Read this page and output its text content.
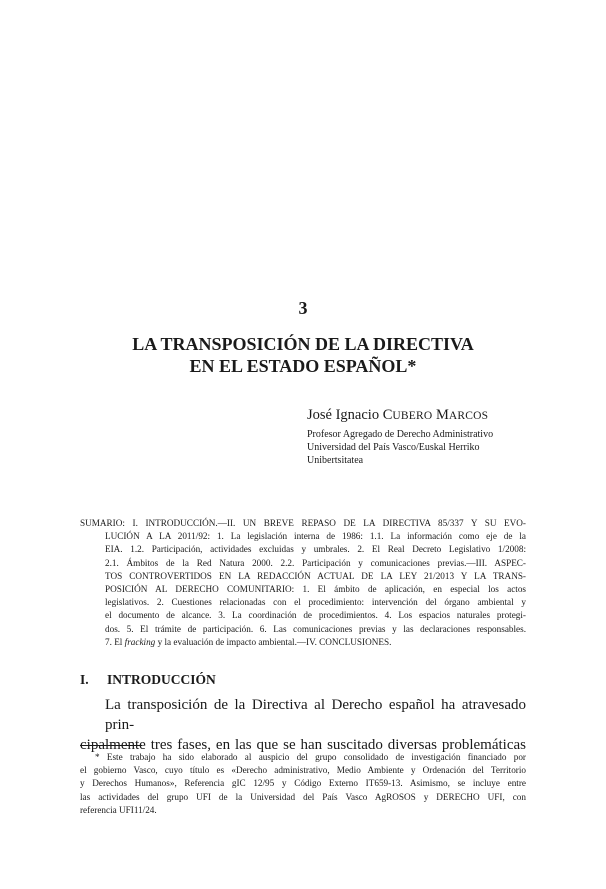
3
LA TRANSPOSICIÓN DE LA DIRECTIVA
EN EL ESTADO ESPAÑOL*
José Ignacio CUBERO MARCOS
Profesor Agregado de Derecho Administrativo
Universidad del País Vasco/Euskal Herriko
Unibertsitatea
SUMARIO: I. INTRODUCCIÓN.—II. UN BREVE REPASO DE LA DIRECTIVA 85/337 Y SU EVO-
LUCIÓN A LA 2011/92: 1. La legislación interna de 1986: 1.1. La información como eje de la
EIA. 1.2. Participación, actividades excluidas y umbrales. 2. El Real Decreto Legislativo 1/2008:
2.1. Ámbitos de la Red Natura 2000. 2.2. Participación y comunicaciones previas.—III. ASPEC-
TOS CONTROVERTIDOS EN LA REDACCIÓN ACTUAL DE LA LEY 21/2013 Y LA TRANS-
POSICIÓN AL DERECHO COMUNITARIO: 1. El ámbito de aplicación, en especial los actos
legislativos. 2. Cuestiones relacionadas con el procedimiento: intervención del órgano ambiental y
el documento de alcance. 3. La coordinación de procedimientos. 4. Los espacios naturales protegi-
dos. 5. El trámite de participación. 6. Las comunicaciones previas y las declaraciones responsables.
7. El fracking y la evaluación de impacto ambiental.—IV. CONCLUSIONES.
I. INTRODUCCIÓN
La transposición de la Directiva al Derecho español ha atravesado prin-
cipalmente tres fases, en las que se han suscitado diversas problemáticas
* Este trabajo ha sido elaborado al auspicio del grupo consolidado de investigación financiado por
el gobierno Vasco, cuyo título es «Derecho administrativo, Medio Ambiente y Ordenación del Territorio
y Derechos Humanos», Referencia gIC 12/95 y Código Externo IT659-13. Asimismo, se incluye entre
las actividades del grupo UFI de la Universidad del País Vasco AgROSOS y DERECHO UFI, con
referencia UFI11/24.
